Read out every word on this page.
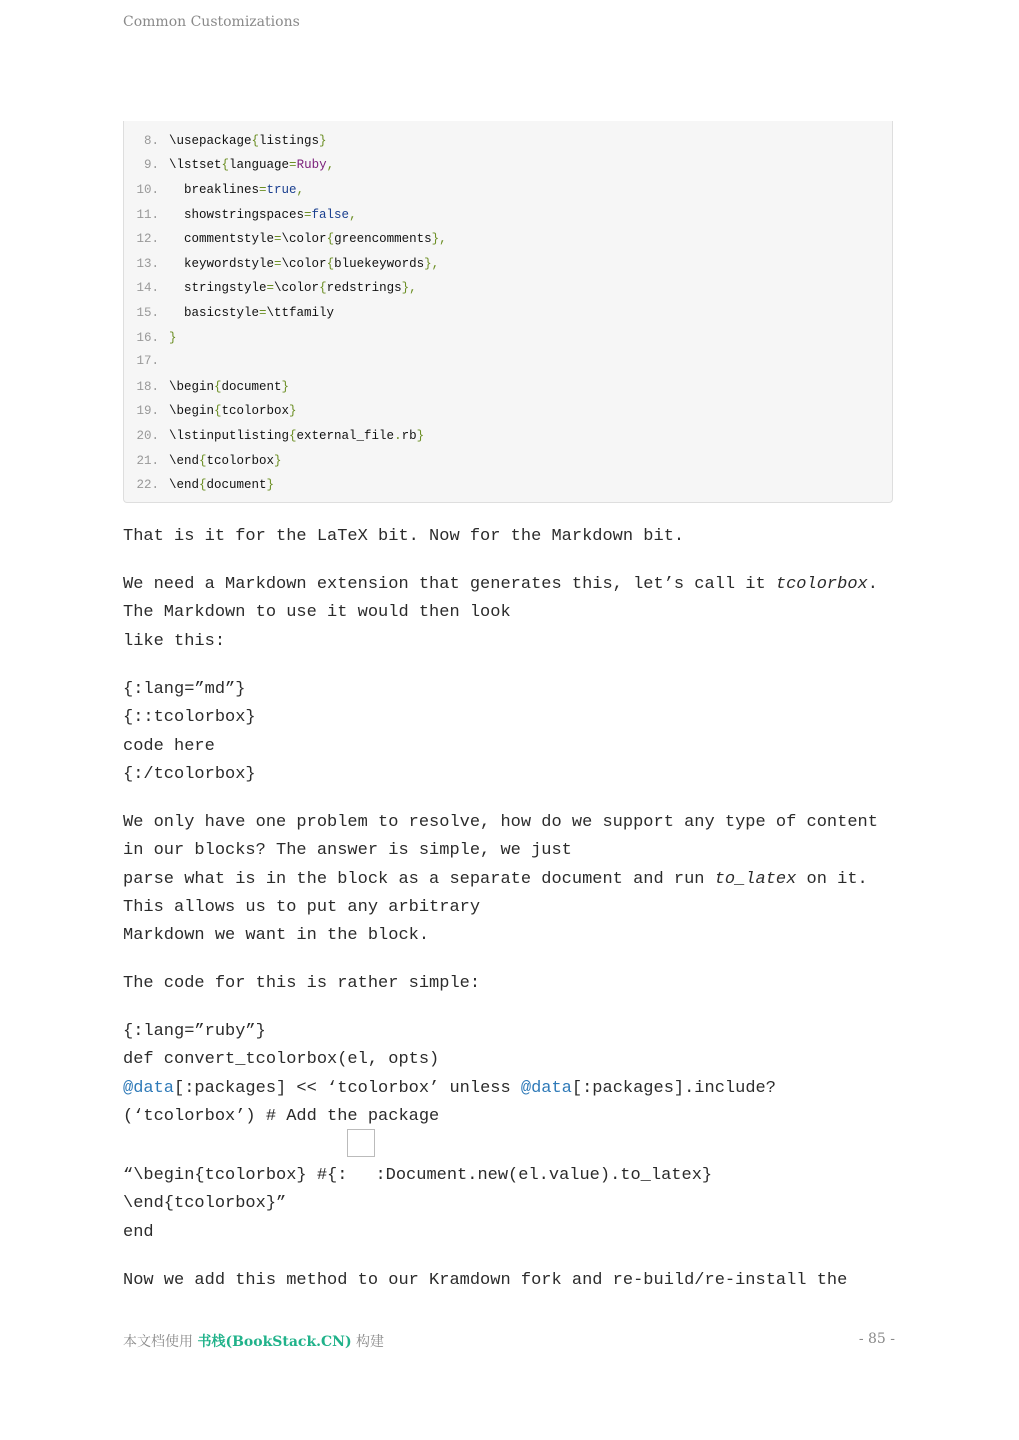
Common Customizations
8. \usepackage{listings}
9. \lstset{language=Ruby,
10.  breaklines=true,
11.  showstringspaces=false,
12.  commentstyle=\color{greencomments},
13.  keywordstyle=\color{bluekeywords},
14.  stringstyle=\color{redstrings},
15.  basicstyle=\ttfamily
16. }
17.
18. \begin{document}
19. \begin{tcolorbox}
20. \lstinputlisting{external_file.rb}
21. \end{tcolorbox}
22. \end{document}
That is it for the LaTeX bit. Now for the Markdown bit.
We need a Markdown extension that generates this, let’s call it tcolorbox.
The Markdown to use it would then look
like this:
{:lang=”md”}
{::tcolorbox}
code here
{:/tcolorbox}
We only have one problem to resolve, how do we support any type of content
in our blocks? The answer is simple, we just
parse what is in the block as a separate document and run to_latex on it.
This allows us to put any arbitrary
Markdown we want in the block.
The code for this is rather simple:
{:lang=”ruby”}
def convert_tcolorbox(el, opts)
@data[:packages] << ‘tcolorbox’ unless @data[:packages].include?
(‘tcolorbox’) # Add the package
“\begin{tcolorbox} #{: :Document.new(el.value).to_latex}
\end{tcolorbox}”
end
Now we add this method to our Kramdown fork and re-build/re-install the
本文档使用 书栈(BookStack.CN) 构建	- 85 -
